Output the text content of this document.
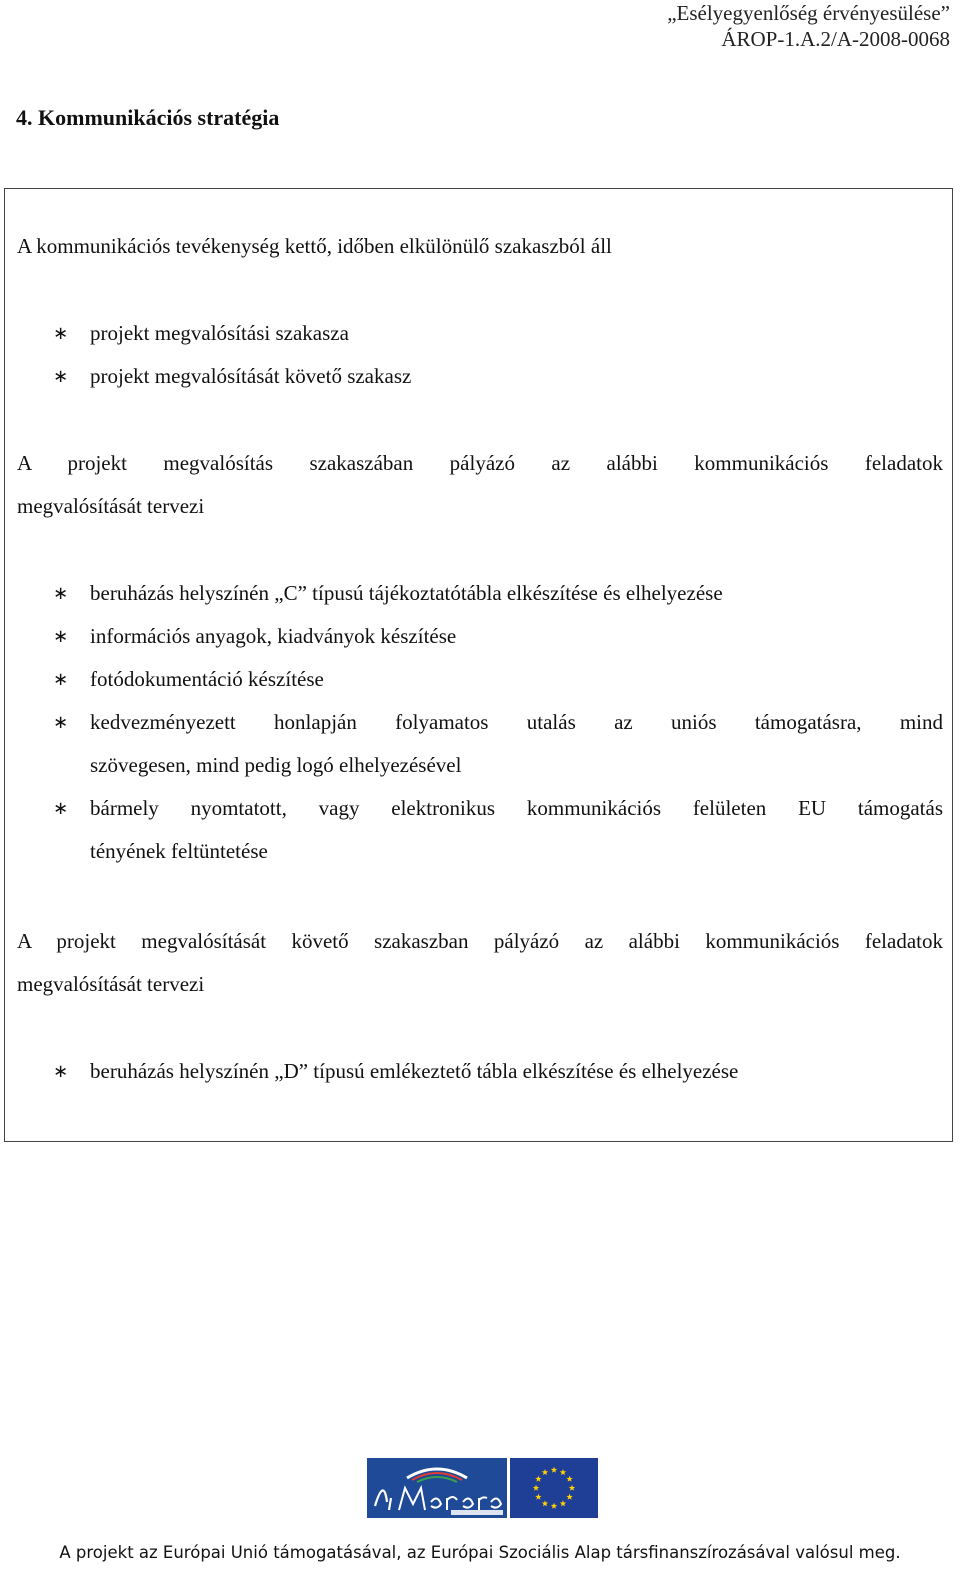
„Esélyegyenlőség érvényesülése”
ÁROP-1.A.2/A-2008-0068
4. Kommunikációs stratégia

A kommunikációs tevékenység kettő, időben elkülönülő szakaszból áll

∗ projekt megvalósítási szakasza
∗ projekt megvalósítását követő szakasz

A projekt megvalósítás szakaszában pályázó az alábbi kommunikációs feladatok
megvalósítását tervezi

∗ beruházás helyszínén „C” típusú tájékoztatótábla elkészítése és elhelyezése
∗ információs anyagok, kiadványok készítése
∗ fotódokumentáció készítése
∗ kedvezményezett honlapján folyamatos utalás az uniós támogatásra, mind
szövegesen, mind pedig logó elhelyezésével
∗ bármely nyomtatott, vagy elektronikus kommunikációs felületen EU támogatás
tényének feltüntetése

A projekt megvalósítását követő szakaszban pályázó az alábbi kommunikációs feladatok
megvalósítását tervezi

∗ beruházás helyszínén „D” típusú emlékeztető tábla elkészítése és elhelyezése
A projekt az Európai Unió támogatásával, az Európai Szociális Alap társfinanszírozásával valósul meg.
